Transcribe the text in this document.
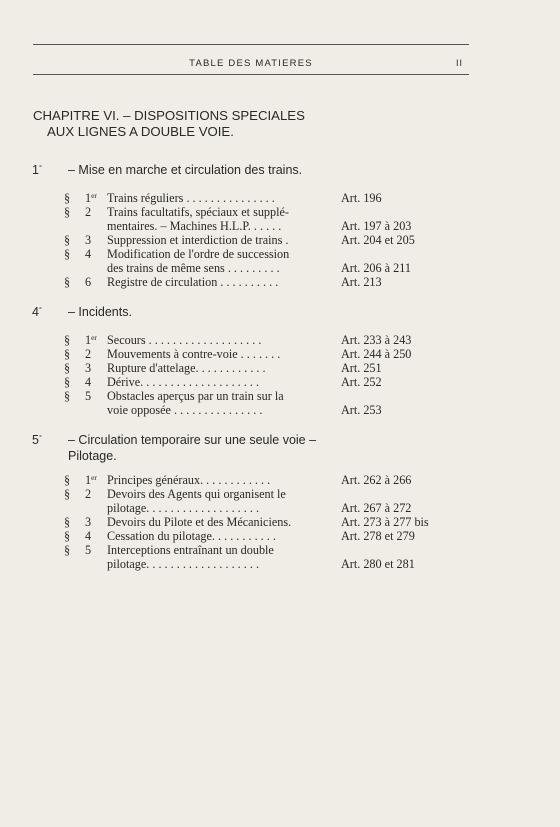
TABLE DES MATIERES	II
CHAPITRE VI. – DISPOSITIONS SPECIALES
AUX LIGNES A DOUBLE VOIE.
1° – Mise en marche et circulation des trains.
§	1er Trains réguliers . . . . . . . . . . . . . . .	Art. 196
§	2 Trains facultatifs, spéciaux et supplé-
mentaires. – Machines H.L.P. . . . . .	Art. 197 à 203
§	3 Suppression et interdiction de trains .	Art. 204 et 205
§	4 Modification de l'ordre de succession
des trains de même sens . . . . . . . . .	Art. 206 à 211
§	6 Registre de circulation . . . . . . . . . .	Art. 213
4° – Incidents.
§	1er Secours . . . . . . . . . . . . . . . . . . .	Art. 233 à 243
§	2 Mouvements à contre-voie . . . . . . .	Art. 244 à 250
§	3 Rupture d'attelage. . . . . . . . . . . .	Art. 251
§	4 Dérive. . . . . . . . . . . . . . . . . . . .	Art. 252
§	5 Obstacles aperçus par un train sur la
voie opposée . . . . . . . . . . . . . . .	Art. 253
5° – Circulation temporaire sur une seule voie –
Pilotage.
§	1er Principes généraux. . . . . . . . . . . .	Art. 262 à 266
§	2 Devoirs des Agents qui organisent le
pilotage. . . . . . . . . . . . . . . . . . .	Art. 267 à 272
§	3 Devoirs du Pilote et des Mécaniciens.	Art. 273 à 277 bis
§	4 Cessation du pilotage. . . . . . . . . . .	Art. 278 et 279
§	5 Interceptions entraînant un double
pilotage. . . . . . . . . . . . . . . . . . .	Art. 280 et 281
